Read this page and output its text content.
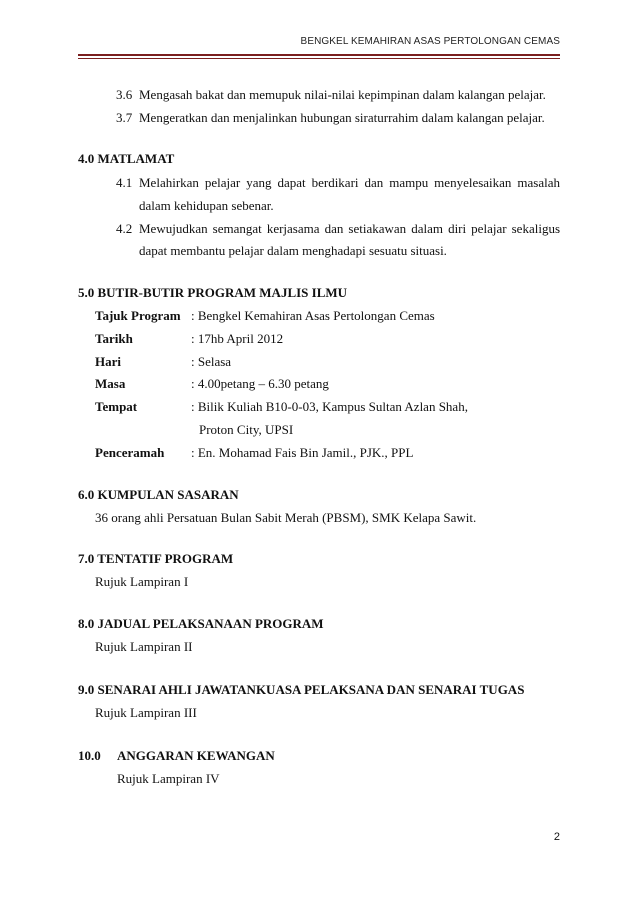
BENGKEL KEMAHIRAN ASAS PERTOLONGAN CEMAS
3.6 Mengasah bakat dan memupuk nilai-nilai kepimpinan dalam kalangan pelajar.
3.7 Mengeratkan dan menjalinkan hubungan siraturrahim dalam kalangan pelajar.
4.0 MATLAMAT
4.1 Melahirkan pelajar yang dapat berdikari dan mampu menyelesaikan masalah
dalam kehidupan sebenar.
4.2 Mewujudkan semangat kerjasama dan setiakawan dalam diri pelajar sekaligus
dapat membantu pelajar dalam menghadapi sesuatu situasi.
5.0 BUTIR-BUTIR PROGRAM MAJLIS ILMU
Tajuk Program : Bengkel Kemahiran Asas Pertolongan Cemas
Tarikh	: 17hb April 2012
Hari	: Selasa
Masa	: 4.00petang – 6.30 petang
Tempat	: Bilik Kuliah B10-0-03, Kampus Sultan Azlan Shah,
Proton City, UPSI
Penceramah : En. Mohamad Fais Bin Jamil., PJK., PPL
6.0 KUMPULAN SASARAN
36 orang ahli Persatuan Bulan Sabit Merah (PBSM), SMK Kelapa Sawit.
7.0 TENTATIF PROGRAM
Rujuk Lampiran I
8.0 JADUAL PELAKSANAAN PROGRAM
Rujuk Lampiran II
9.0 SENARAI AHLI JAWATANKUASA PELAKSANA DAN SENARAI TUGAS
Rujuk Lampiran III
10.0 ANGGARAN KEWANGAN
Rujuk Lampiran IV
2
